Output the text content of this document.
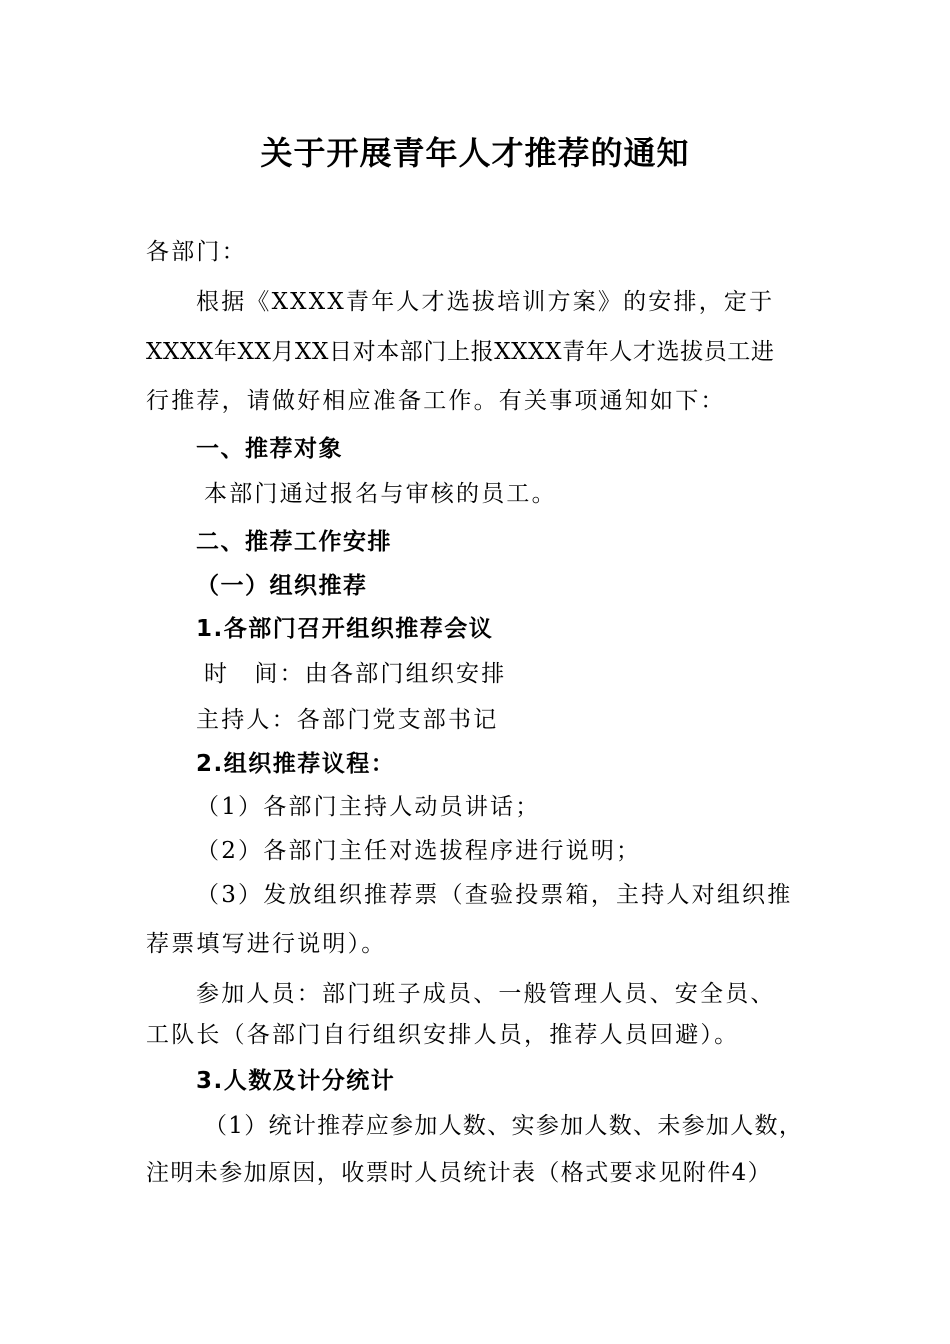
关于开展青年人才推荐的通知
各部门：
根据《XXXX青年人才选拔培训方案》的安排，定于
XXXX年XX月XX日对本部门上报XXXX青年人才选拔员工进
行推荐，请做好相应准备工作。有关事项通知如下：
一、推荐对象
本部门通过报名与审核的员工。
二、推荐工作安排
（一）组织推荐
1.各部门召开组织推荐会议
时　间：由各部门组织安排
主持人：各部门党支部书记
2.组织推荐议程：
（1）各部门主持人动员讲话；
（2）各部门主任对选拔程序进行说明；
（3）发放组织推荐票（查验投票箱，主持人对组织推
荐票填写进行说明）。
参加人员：部门班子成员、一般管理人员、安全员、
工队长（各部门自行组织安排人员，推荐人员回避）。
3.人数及计分统计
（1）统计推荐应参加人数、实参加人数、未参加人数，
注明未参加原因，收票时人员统计表（格式要求见附件4）
